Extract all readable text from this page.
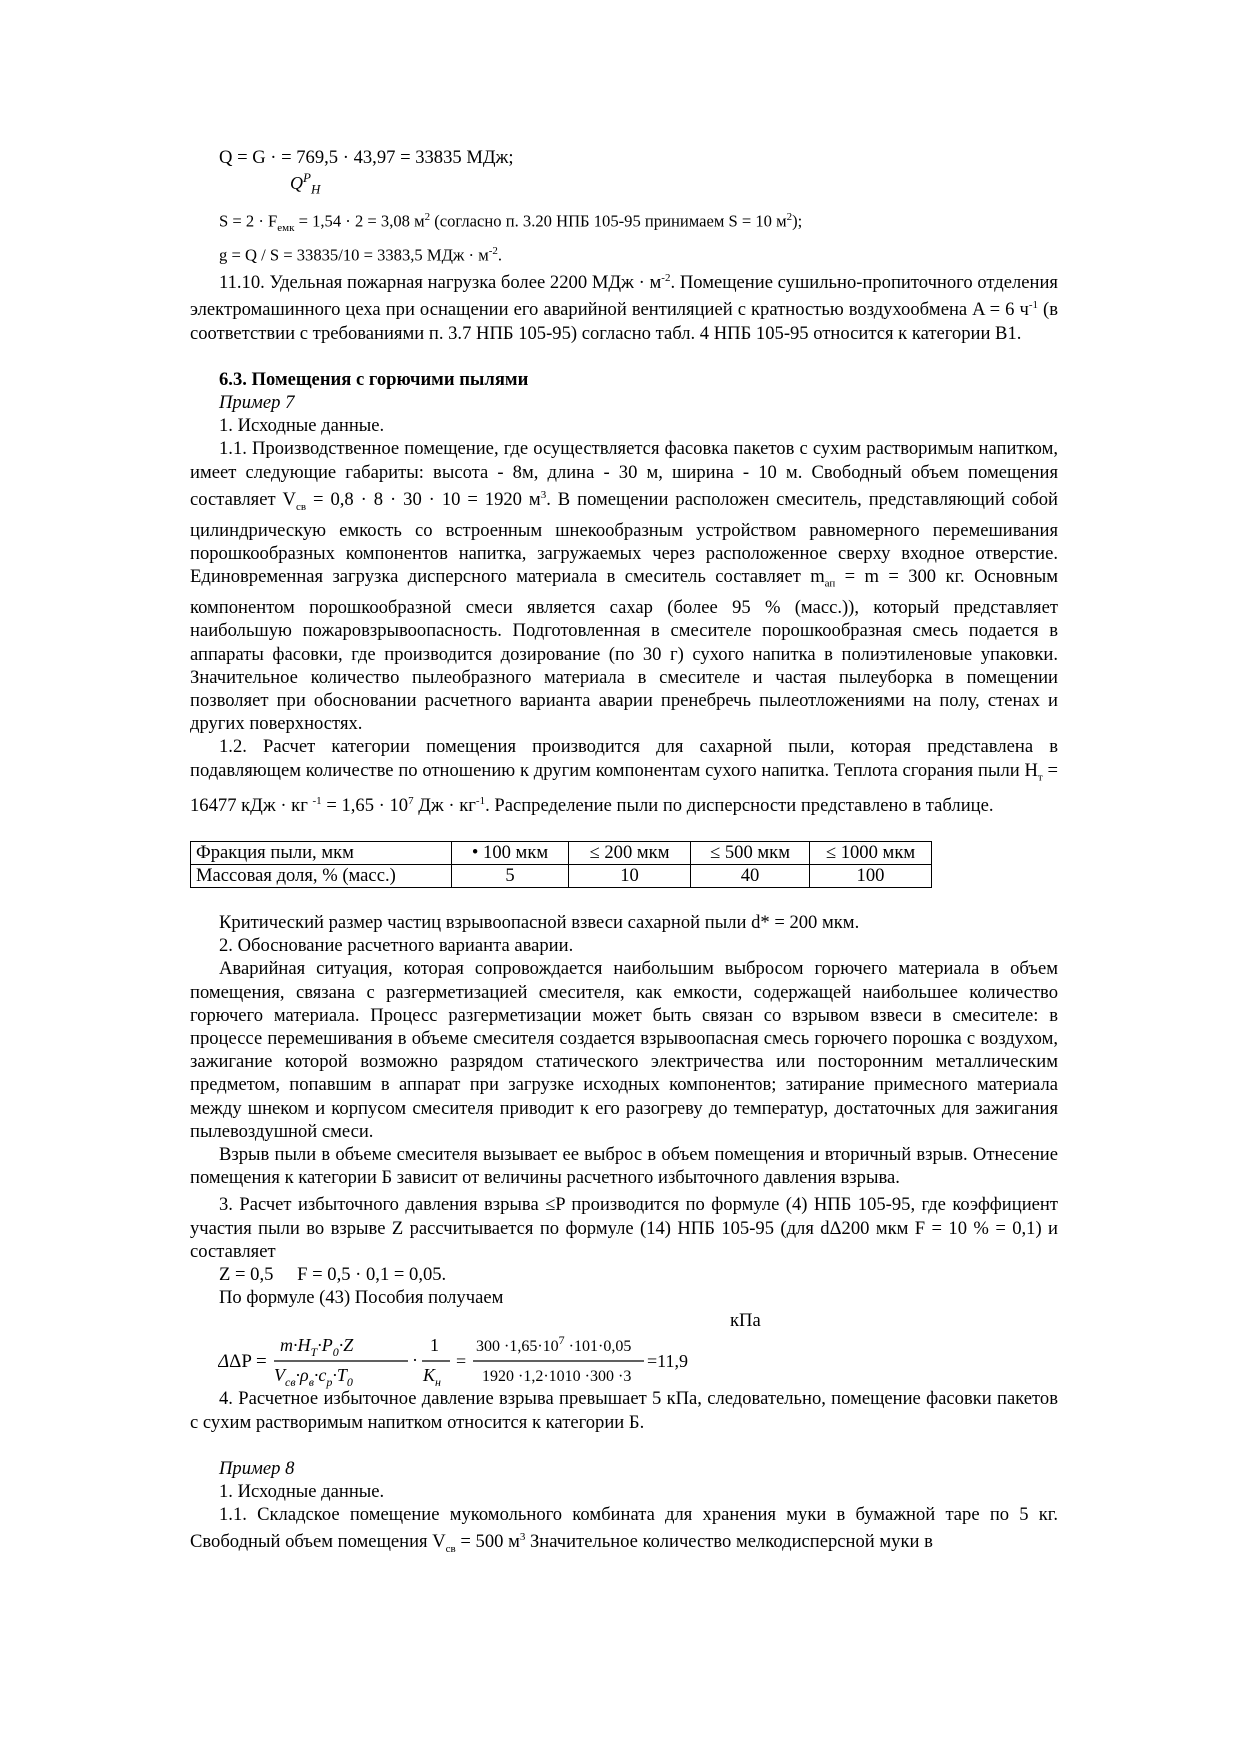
Q = G · = 769,5 · 43,97 = 33835 МДж;
$Q^P_H$

$S = 2 \cdot F_{емк} = 1,54 \cdot 2 = 3,08$ $м^2$ (согласно п. 3.20 НПБ 105-95 принимаем S = 10 $м^2$);

g = Q / S = 33835/10 = 3383,5 МДж · $м^{-2}$.

11.10. Удельная пожарная нагрузка более 2200 МДж · $м^{-2}$. Помещение сушильно-пропиточного отделения электромашинного цеха при оснащении его аварийной вентиляцией с кратностью воздухообмена A = 6 $ч^{-1}$ (в соответствии с требованиями п. 3.7 НПБ 105-95) согласно табл. 4 НПБ 105-95 относится к категории В1.

6.3. Помещения с горючими пылями

Пример 7

1. Исходные данные.

1.1. Производственное помещение, где осуществляется фасовка пакетов с сухим растворимым напитком, имеет следующие габариты: высота - 8м, длина - 30 м, ширина - 10 м. Свободный объем помещения составляет $V_{св} = 0,8 \cdot 8 \cdot 30 \cdot 10 = 1920$ $м^3$. В помещении расположен смеситель, представляющий собой цилиндрическую емкость со встроенным шнекообразным устройством равномерного перемешивания порошкообразных компонентов напитка, загружаемых через расположенное сверху входное отверстие. Единовременная загрузка дисперсного материала в смеситель составляет $m_{ап} = m = 300$ кг. Основным компонентом порошкообразной смеси является сахар (более 95 % (масс.)), который представляет наибольшую пожаровзрывоопасность. Подготовленная в смесителе порошкообразная смесь подается в аппараты фасовки, где производится дозирование (по 30 г) сухого напитка в полиэтиленовые упаковки. Значительное количество пылеобразного материала в смесителе и частая пылеуборка в помещении позволяет при обосновании расчетного варианта аварии пренебречь пылеотложениями на полу, стенах и других поверхностях.

1.2. Расчет категории помещения производится для сахарной пыли, которая представлена в подавляющем количестве по отношению к другим компонентам сухого напитка. Теплота сгорания пыли $H_т = 16477$ кДж · кг $^{-1} = 1,65 \cdot 10^7$ Дж · $кг^{-1}$. Распределение пыли по дисперсности представлено в таблице.

Фракция пыли, мкм	• 100 мкм	≤ 200 мкм	≤ 500 мкм	≤ 1000 мкм
Массовая доля, % (масс.)	5	10	40	100

Критический размер частиц взрывоопасной взвеси сахарной пыли d* = 200 мкм.

2. Обоснование расчетного варианта аварии.

Аварийная ситуация, которая сопровождается наибольшим выбросом горючего материала в объем помещения, связана с разгерметизацией смесителя, как емкости, содержащей наибольшее количество горючего материала. Процесс разгерметизации может быть связан со взрывом взвеси в смесителе: в процессе перемешивания в объеме смесителя создается взрывоопасная смесь горючего порошка с воздухом, зажигание которой возможно разрядом статического электричества или посторонним металлическим предметом, попавшим в аппарат при загрузке исходных компонентов; затирание примесного материала между шнеком и корпусом смесителя приводит к его разогреву до температур, достаточных для зажигания пылевоздушной смеси.

Взрыв пыли в объеме смесителя вызывает ее выброс в объем помещения и вторичный взрыв. Отнесение помещения к категории Б зависит от величины расчетного избыточного давления взрыва.

3. Расчет избыточного давления взрыва ≤P производится по формуле (4) НПБ 105-95, где коэффициент участия пыли во взрыве Z рассчитывается по формуле (14) НПБ 105-95 (для dΔ200 мкм F = 10 % = 0,1) и составляет

Z = 0,5 ⃞ F = 0,5 · 0,1 = 0,05.

По формуле (43) Пособия получаем

кПа
ΔΔP =
$m\cdot H_T\cdot P_0\cdot Z$
$V_{св}\cdot\rho_в\cdot c_p\cdot T_0$
·
1
$K_н$
=
$300 \cdot 1,65\cdot 10^7 \cdot 101\cdot 0,05$
1920 ·1,2·1010 ·300 ·3
=11,9

4. Расчетное избыточное давление взрыва превышает 5 кПа, следовательно, помещение фасовки пакетов с сухим растворимым напитком относится к категории Б.

Пример 8

1. Исходные данные.

1.1. Складское помещение мукомольного комбината для хранения муки в бумажной таре по 5 кг. Свободный объем помещения $V_{св} = 500$ $м^3$ Значительное количество мелкодисперсной муки в
